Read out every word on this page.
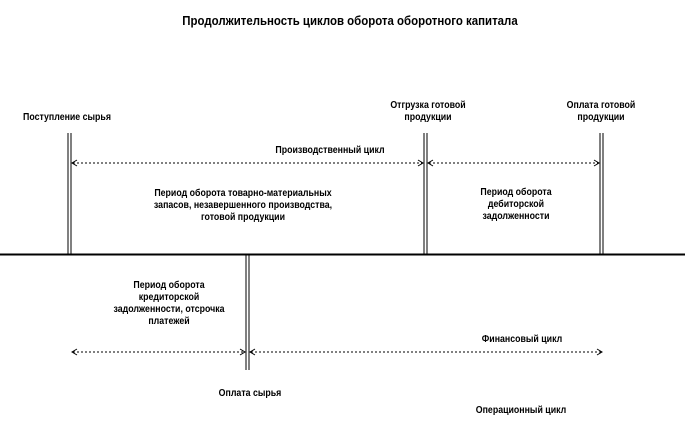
Продолжительность циклов оборота оборотного капитала
Поступление сырья
Отгрузка готовой
продукции
Оплата готовой
продукции
Оплата сырья
Производственный цикл
Финансовый цикл
Операционный цикл
Период оборота товарно-материальных
запасов, незавершенного производства,
готовой продукции
Период оборота
дебиторской
задолженности
Период оборота
кредиторской
задолженности, отсрочка
платежей
